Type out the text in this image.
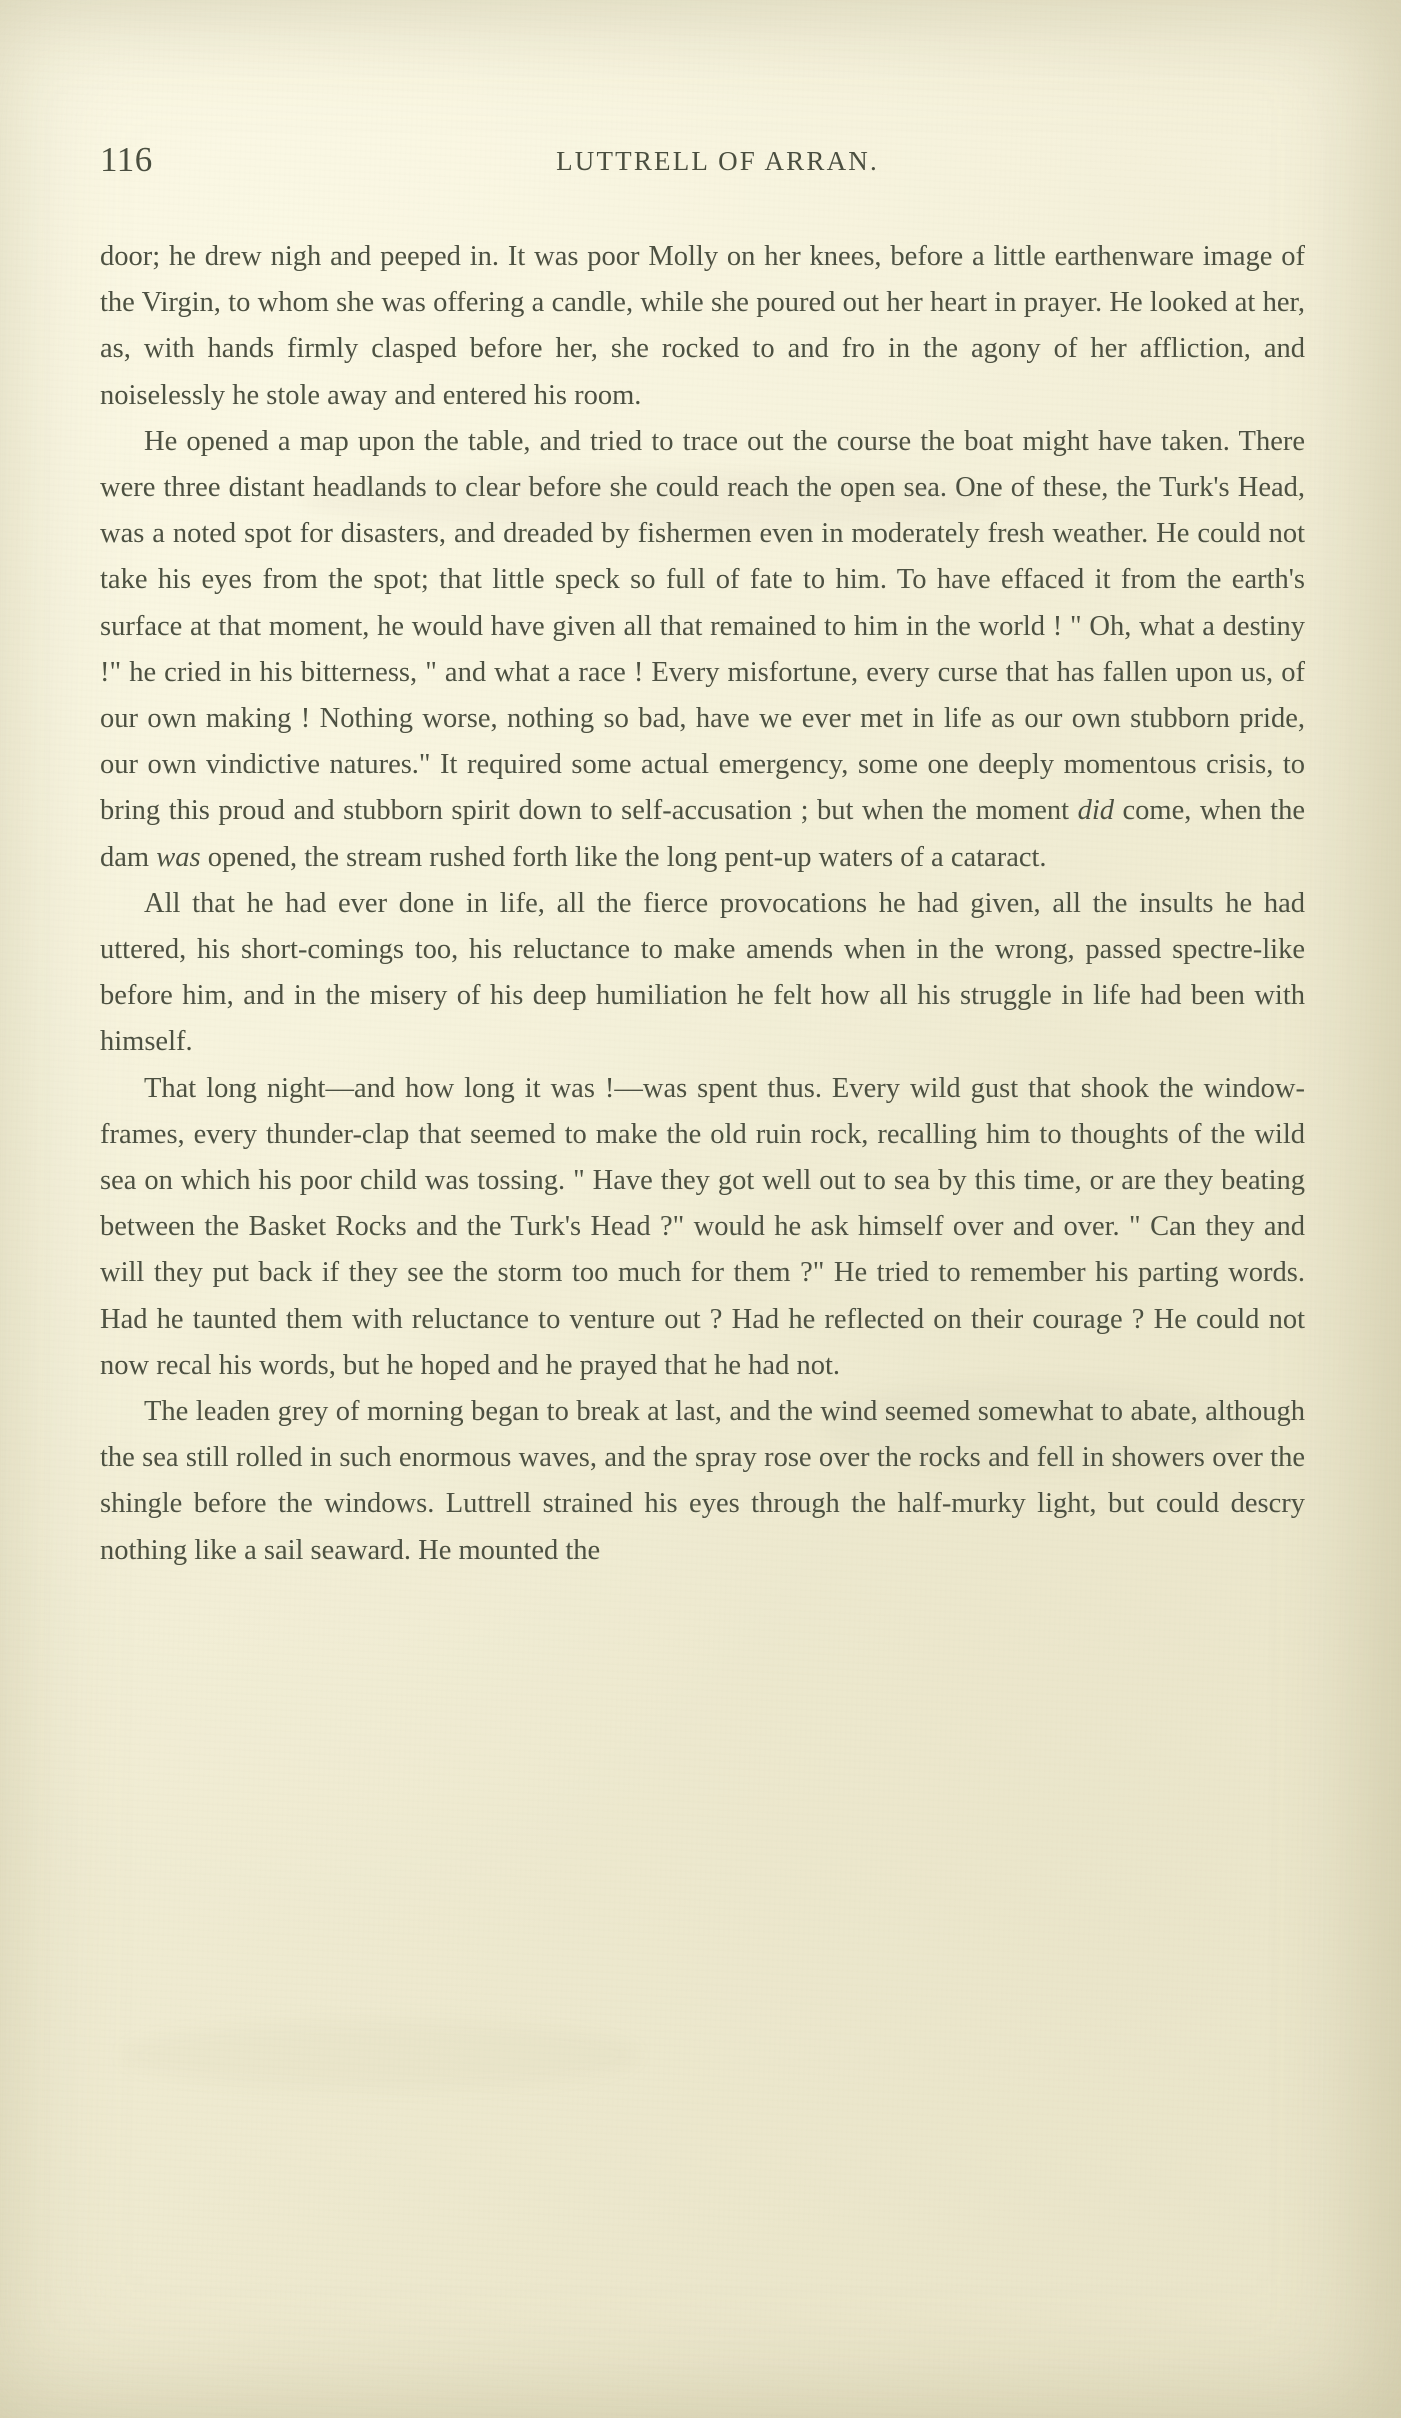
116	LUTTRELL OF ARRAN.

door; he drew nigh and peeped in. It was poor Molly on her knees, before a little earthenware image of the Virgin, to whom she was offering a candle, while she poured out her heart in prayer. He looked at her, as, with hands firmly clasped before her, she rocked to and fro in the agony of her affliction, and noiselessly he stole away and entered his room.

He opened a map upon the table, and tried to trace out the course the boat might have taken. There were three distant headlands to clear before she could reach the open sea. One of these, the Turk's Head, was a noted spot for disasters, and dreaded by fishermen even in moderately fresh weather. He could not take his eyes from the spot; that little speck so full of fate to him. To have effaced it from the earth's surface at that moment, he would have given all that remained to him in the world ! " Oh, what a destiny !" he cried in his bitterness, " and what a race ! Every misfortune, every curse that has fallen upon us, of our own making ! Nothing worse, nothing so bad, have we ever met in life as our own stubborn pride, our own vindictive natures." It required some actual emergency, some one deeply momentous crisis, to bring this proud and stubborn spirit down to self-accusation ; but when the moment did come, when the dam was opened, the stream rushed forth like the long pent-up waters of a cataract.

All that he had ever done in life, all the fierce provocations he had given, all the insults he had uttered, his short-comings too, his reluctance to make amends when in the wrong, passed spectre-like before him, and in the misery of his deep humiliation he felt how all his struggle in life had been with himself.

That long night—and how long it was !—was spent thus. Every wild gust that shook the window-frames, every thunder-clap that seemed to make the old ruin rock, recalling him to thoughts of the wild sea on which his poor child was tossing. " Have they got well out to sea by this time, or are they beating between the Basket Rocks and the Turk's Head ?" would he ask himself over and over. " Can they and will they put back if they see the storm too much for them ?" He tried to remember his parting words. Had he taunted them with reluctance to venture out ? Had he reflected on their courage ? He could not now recal his words, but he hoped and he prayed that he had not.

The leaden grey of morning began to break at last, and the wind seemed somewhat to abate, although the sea still rolled in such enormous waves, and the spray rose over the rocks and fell in showers over the shingle before the windows. Luttrell strained his eyes through the half-murky light, but could descry nothing like a sail seaward. He mounted the
